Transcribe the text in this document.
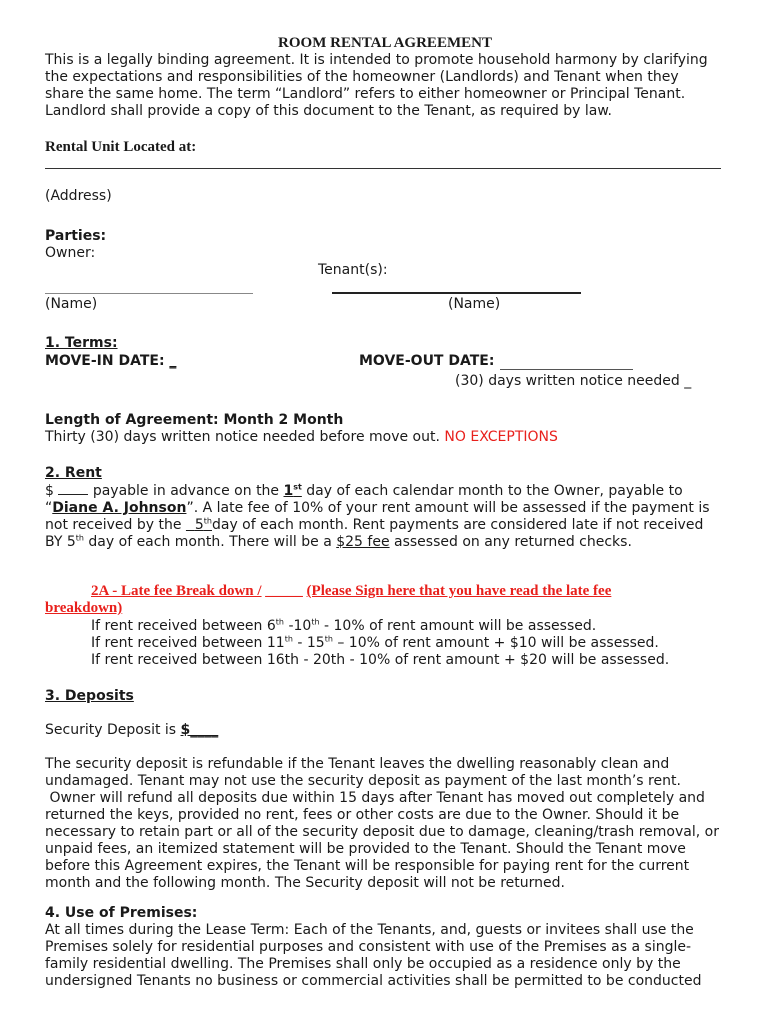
ROOM RENTAL AGREEMENT
This is a legally binding agreement. It is intended to promote household harmony by clarifying
the expectations and responsibilities of the homeowner (Landlords) and Tenant when they
share the same home. The term “Landlord” refers to either homeowner or Principal Tenant.
Landlord shall provide a copy of this document to the Tenant, as required by law.
Rental Unit Located at:
(Address)
Parties:
Owner:
Tenant(s):
(Name)	(Name)
1. Terms:
MOVE-IN DATE: _	MOVE-OUT DATE:
(30) days written notice needed _
Length of Agreement: Month 2 Month
Thirty (30) days written notice needed before move out. NO EXCEPTIONS
2. Rent
$	payable in advance on the 1st day of each calendar month to the Owner, payable to
“Diane A. Johnson”. A late fee of 10% of your rent amount will be assessed if the payment is
not received by the 5thday of each month. Rent payments are considered late if not received
BY 5th day of each month. There will be a $25 fee assessed on any returned checks.
2A - Late fee Break down / _____ (Please Sign here that you have read the late fee
breakdown)
If rent received between 6th -10th - 10% of rent amount will be assessed.
If rent received between 11th - 15th – 10% of rent amount + $10 will be assessed.
If rent received between 16th - 20th - 10% of rent amount + $20 will be assessed.
3. Deposits
Security Deposit is $____
The security deposit is refundable if the Tenant leaves the dwelling reasonably clean and
undamaged. Tenant may not use the security deposit as payment of the last month’s rent.
Owner will refund all deposits due within 15 days after Tenant has moved out completely and
returned the keys, provided no rent, fees or other costs are due to the Owner. Should it be
necessary to retain part or all of the security deposit due to damage, cleaning/trash removal, or
unpaid fees, an itemized statement will be provided to the Tenant. Should the Tenant move
before this Agreement expires, the Tenant will be responsible for paying rent for the current
month and the following month. The Security deposit will not be returned.
4. Use of Premises:
At all times during the Lease Term: Each of the Tenants, and, guests or invitees shall use the
Premises solely for residential purposes and consistent with use of the Premises as a single-
family residential dwelling. The Premises shall only be occupied as a residence only by the
undersigned Tenants no business or commercial activities shall be permitted to be conducted
